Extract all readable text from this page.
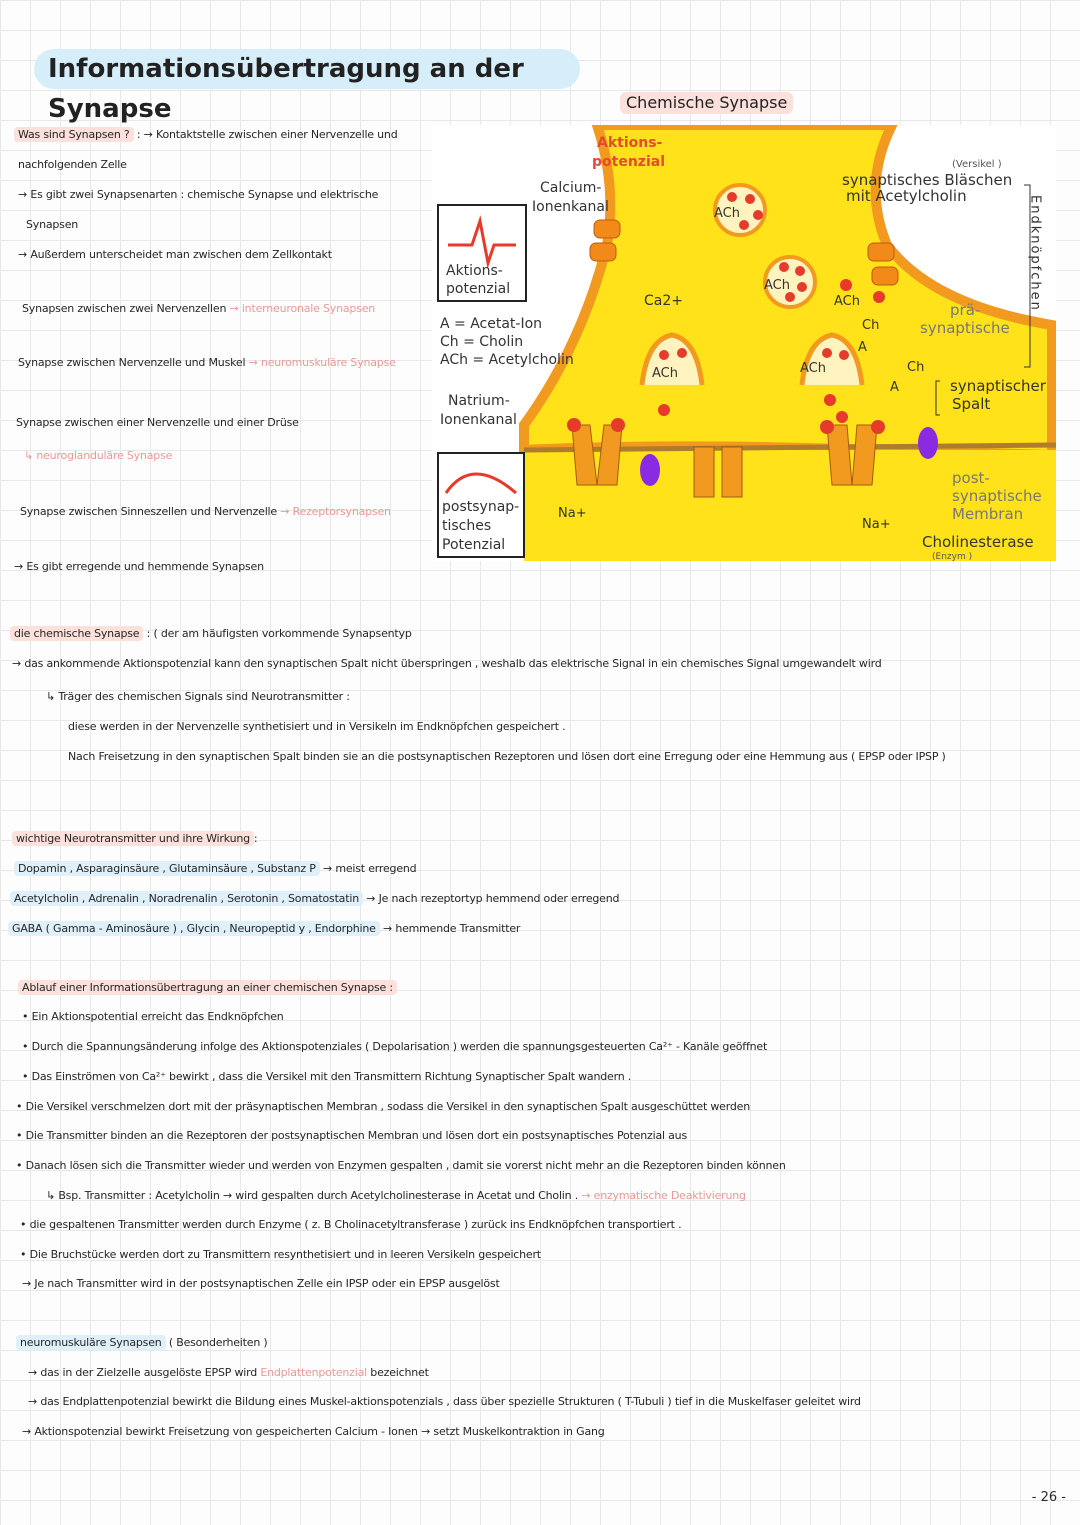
Informationsübertragung an der Synapse	Chemische Synapse
ACh
ACh
ACh	ACh
ACh
Ch
Ch
A
A
Ca2+
Na+
Na+
Aktions-
potenzial
Calcium-
Ionenkanal
A = Acetat-Ion
Ch = Cholin
ACh = Acetylcholin
Natrium-
Ionenkanal
Aktions-
potenzial
postsynap-
tisches
Potenzial
(Versikel )
synaptisches Bläschen
mit Acetylcholin
prä-
synaptische
synaptischer
Spalt
post-
synaptische
Membran
Cholinesterase
(Enzym )
Endknöpfchen
Was sind Synapsen ? : → Kontaktstelle zwischen einer Nervenzelle und
nachfolgenden Zelle
→ Es gibt zwei Synapsenarten : chemische Synapse und elektrische
Synapsen
→ Außerdem unterscheidet man zwischen dem Zellkontakt
Synapsen zwischen zwei Nervenzellen → interneuronale Synapsen
Synapse zwischen Nervenzelle und Muskel → neuromuskuläre Synapse
Synapse zwischen einer Nervenzelle und einer Drüse
↳ neuroglanduläre Synapse
Synapse zwischen Sinneszellen und Nervenzelle → Rezeptorsynapsen
→ Es gibt erregende und hemmende Synapsen
die chemische Synapse : ( der am häufigsten vorkommende Synapsentyp
→ das ankommende Aktionspotenzial kann den synaptischen Spalt nicht überspringen , weshalb das elektrische Signal in ein chemisches Signal umgewandelt wird
↳ Träger des chemischen Signals sind Neurotransmitter :
diese werden in der Nervenzelle synthetisiert und in Versikeln im Endknöpfchen gespeichert .
Nach Freisetzung in den synaptischen Spalt binden sie an die postsynaptischen Rezeptoren und lösen dort eine Erregung oder eine Hemmung aus ( EPSP oder IPSP )
wichtige Neurotransmitter und ihre Wirkung :
Dopamin , Asparaginsäure , Glutaminsäure , Substanz P → meist erregend
Acetylcholin , Adrenalin , Noradrenalin , Serotonin , Somatostatin → Je nach rezeptortyp hemmend oder erregend
GABA ( Gamma - Aminosäure ) , Glycin , Neuropeptid y , Endorphine → hemmende Transmitter
Ablauf einer Informationsübertragung an einer chemischen Synapse :
• Ein Aktionspotential erreicht das Endknöpfchen
• Durch die Spannungsänderung infolge des Aktionspotenziales ( Depolarisation ) werden die spannungsgesteuerten Ca²⁺ - Kanäle geöffnet
• Das Einströmen von Ca²⁺ bewirkt , dass die Versikel mit den Transmittern Richtung Synaptischer Spalt wandern .
• Die Versikel verschmelzen dort mit der präsynaptischen Membran , sodass die Versikel in den synaptischen Spalt ausgeschüttet werden
• Die Transmitter binden an die Rezeptoren der postsynaptischen Membran und lösen dort ein postsynaptisches Potenzial aus
• Danach lösen sich die Transmitter wieder und werden von Enzymen gespalten , damit sie vorerst nicht mehr an die Rezeptoren binden können
↳ Bsp. Transmitter : Acetylcholin → wird gespalten durch Acetylcholinesterase in Acetat und Cholin . → enzymatische Deaktivierung
• die gespaltenen Transmitter werden durch Enzyme ( z. B Cholinacetyltransferase ) zurück ins Endknöpfchen transportiert .
• Die Bruchstücke werden dort zu Transmittern resynthetisiert und in leeren Versikeln gespeichert
→ Je nach Transmitter wird in der postsynaptischen Zelle ein IPSP oder ein EPSP ausgelöst
neuromuskuläre Synapsen ( Besonderheiten )
→ das in der Zielzelle ausgelöste EPSP wird Endplattenpotenzial bezeichnet
→ das Endplattenpotenzial bewirkt die Bildung eines Muskel-aktionspotenzials , dass über spezielle Strukturen ( T-Tubuli ) tief in die Muskelfaser geleitet wird
→ Aktionspotenzial bewirkt Freisetzung von gespeicherten Calcium - Ionen → setzt Muskelkontraktion in Gang
- 26 -
